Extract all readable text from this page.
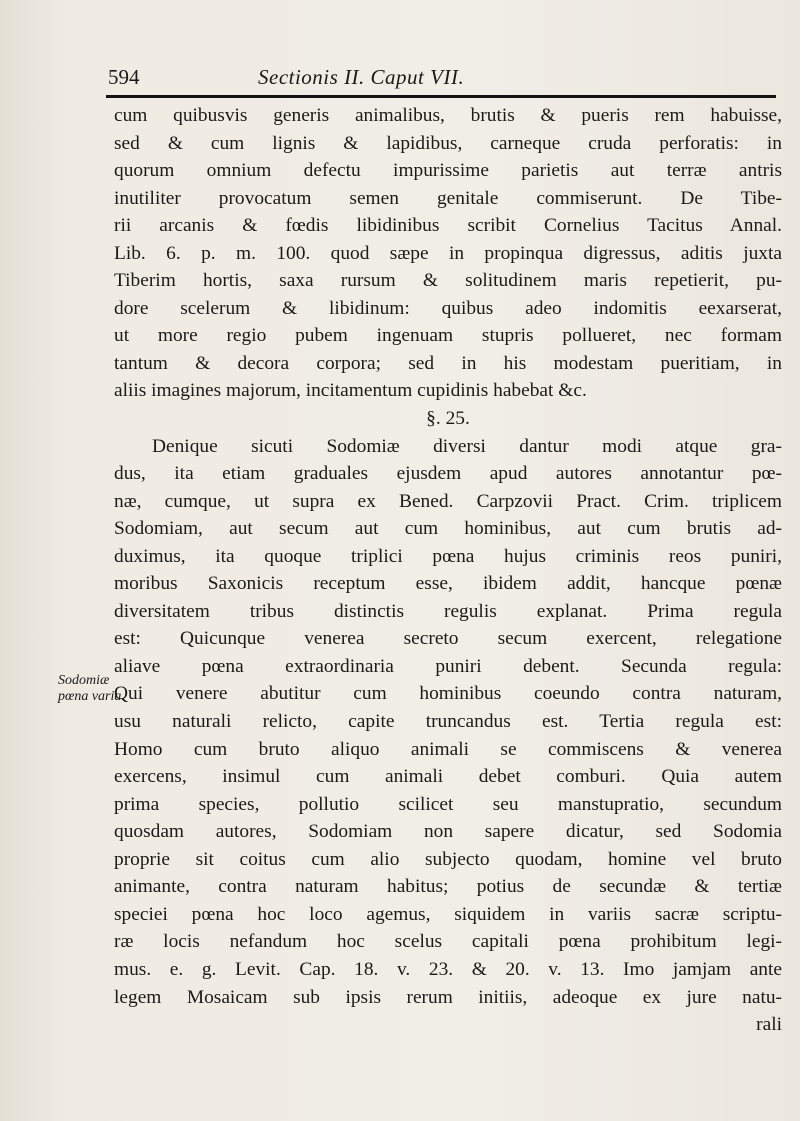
594	Sectionis II. Caput VII.
Sodomiæ
pœna varia.
cum quibusvis generis animalibus, brutis & pueris rem habuisse,
sed & cum lignis & lapidibus, carneque cruda perforatis: in
quorum omnium defectu impurissime parietis aut terræ antris
inutiliter provocatum semen genitale commiserunt. De Tibe-
rii arcanis & fœdis libidinibus scribit Cornelius Tacitus Annal.
Lib. 6. p. m. 100. quod sæpe in propinqua digressus, aditis juxta
Tiberim hortis, saxa rursum & solitudinem maris repetierit, pu-
dore scelerum & libidinum: quibus adeo indomitis eexarserat,
ut more regio pubem ingenuam stupris pollueret, nec formam
tantum & decora corpora; sed in his modestam pueritiam, in
aliis imagines majorum, incitamentum cupidinis habebat &c.
§. 25.
Denique sicuti Sodomiæ diversi dantur modi atque gra-
dus, ita etiam graduales ejusdem apud autores annotantur pœ-
næ, cumque, ut supra ex Bened. Carpzovii Pract. Crim. triplicem
Sodomiam, aut secum aut cum hominibus, aut cum brutis ad-
duximus, ita quoque triplici pœna hujus criminis reos puniri,
moribus Saxonicis receptum esse, ibidem addit, hancque pœnæ
diversitatem tribus distinctis regulis explanat. Prima regula
est: Quicunque venerea secreto secum exercent, relegatione
aliave pœna extraordinaria puniri debent. Secunda regula:
Qui venere abutitur cum hominibus coeundo contra naturam,
usu naturali relicto, capite truncandus est. Tertia regula est:
Homo cum bruto aliquo animali se commiscens & venerea
exercens, insimul cum animali debet comburi. Quia autem
prima species, pollutio scilicet seu manstupratio, secundum
quosdam autores, Sodomiam non sapere dicatur, sed Sodomia
proprie sit coitus cum alio subjecto quodam, homine vel bruto
animante, contra naturam habitus; potius de secundæ & tertiæ
speciei pœna hoc loco agemus, siquidem in variis sacræ scriptu-
ræ locis nefandum hoc scelus capitali pœna prohibitum legi-
mus. e. g. Levit. Cap. 18. v. 23. & 20. v. 13. Imo jamjam ante
legem Mosaicam sub ipsis rerum initiis, adeoque ex jure natu-
rali
